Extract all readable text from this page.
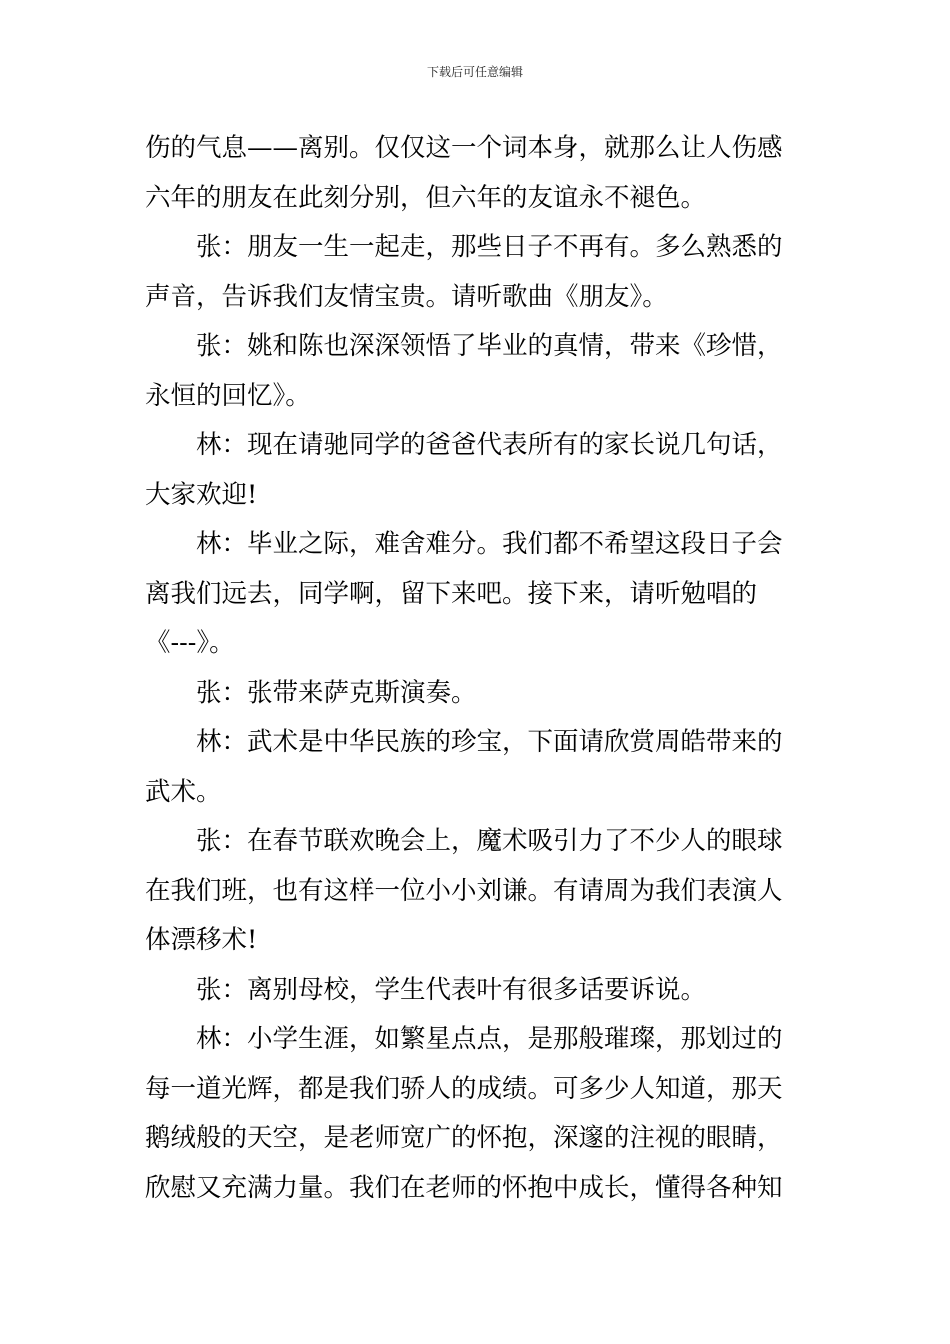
下载后可任意编辑
伤的气息——离别。仅仅这一个词本身，就那么让人伤感
六年的朋友在此刻分别，但六年的友谊永不褪色。
张：朋友一生一起走，那些日子不再有。多么熟悉的
声音，告诉我们友情宝贵。请听歌曲《朋友》。
张：姚和陈也深深领悟了毕业的真情，带来《珍惜，
永恒的回忆》。
林：现在请驰同学的爸爸代表所有的家长说几句话，
大家欢迎!
林：毕业之际，难舍难分。我们都不希望这段日子会
离我们远去，同学啊，留下来吧。接下来，请听勉唱的
《---》。
张：张带来萨克斯演奏。
林：武术是中华民族的珍宝，下面请欣赏周皓带来的
武术。
张：在春节联欢晚会上，魔术吸引力了不少人的眼球
在我们班，也有这样一位小小刘谦。有请周为我们表演人
体漂移术!
张：离别母校，学生代表叶有很多话要诉说。
林：小学生涯，如繁星点点，是那般璀璨，那划过的
每一道光辉，都是我们骄人的成绩。可多少人知道，那天
鹅绒般的天空，是老师宽广的怀抱，深邃的注视的眼睛，
欣慰又充满力量。我们在老师的怀抱中成长，懂得各种知
